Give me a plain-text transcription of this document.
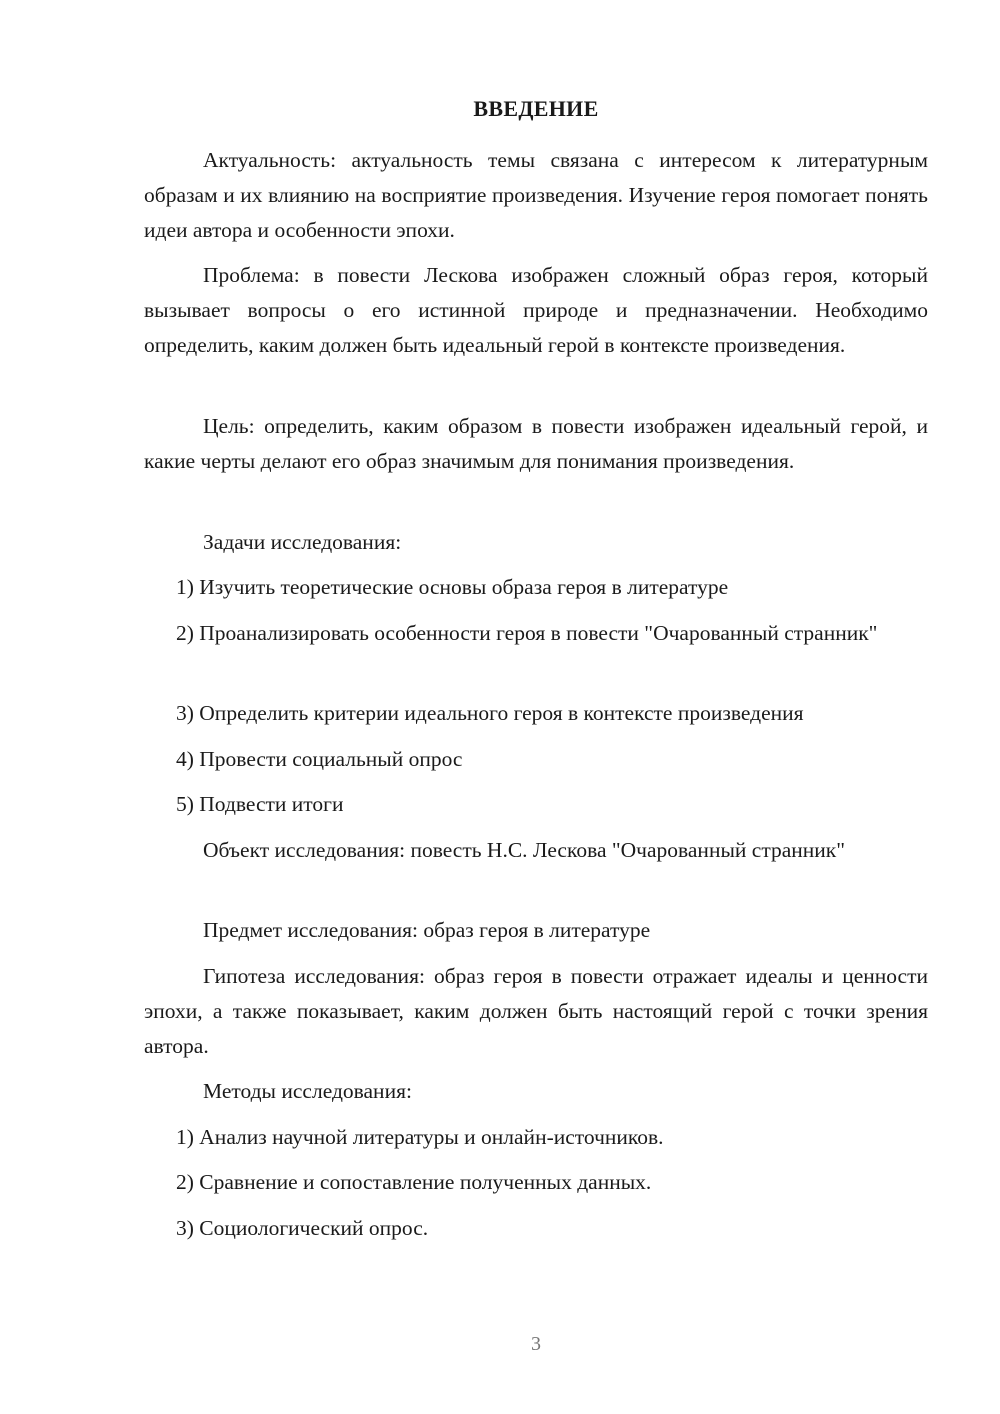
ВВЕДЕНИЕ

Актуальность: актуальность темы связана с интересом к литературным образам и их влиянию на восприятие произведения. Изучение героя помогает понять идеи автора и особенности эпохи.

Проблема: в повести Лескова изображен сложный образ героя, который вызывает вопросы о его истинной природе и предназначении. Необходимо определить, каким должен быть идеальный герой в контексте произведения.

Цель: определить, каким образом в повести изображен идеальный герой, и какие черты делают его образ значимым для понимания произведения.

Задачи исследования:

1) Изучить теоретические основы образа героя в литературе

2) Проанализировать особенности героя в повести "Очарованный странник"

3) Определить критерии идеального героя в контексте произведения

4) Провести социальный опрос

5) Подвести итоги

Объект исследования: повесть Н.С. Лескова "Очарованный странник"

Предмет исследования: образ героя в литературе

Гипотеза исследования: образ героя в повести отражает идеалы и ценности эпохи, а также показывает, каким должен быть настоящий герой с точки зрения автора.

Методы исследования:

1) Анализ научной литературы и онлайн-источников.

2) Сравнение и сопоставление полученных данных.

3) Социологический опрос.

3
